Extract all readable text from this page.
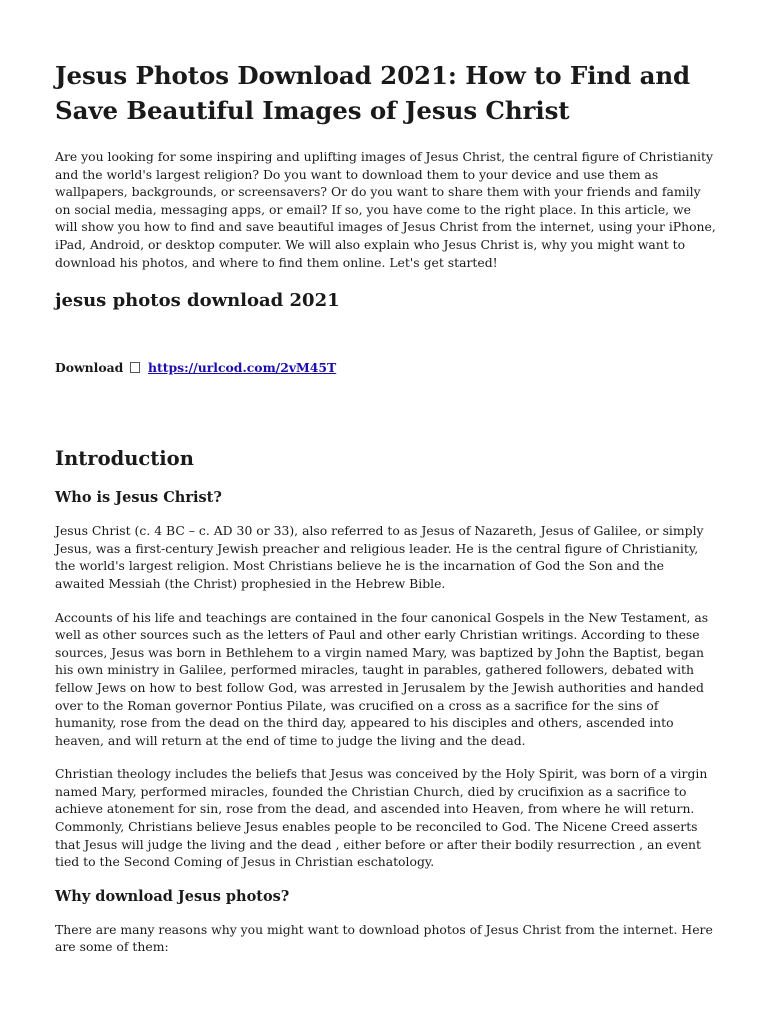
Jesus Photos Download 2021: How to Find and Save Beautiful Images of Jesus Christ

Are you looking for some inspiring and uplifting images of Jesus Christ, the central figure of Christianity and the world's largest religion? Do you want to download them to your device and use them as wallpapers, backgrounds, or screensavers? Or do you want to share them with your friends and family on social media, messaging apps, or email? If so, you have come to the right place. In this article, we will show you how to find and save beautiful images of Jesus Christ from the internet, using your iPhone, iPad, Android, or desktop computer. We will also explain who Jesus Christ is, why you might want to download his photos, and where to find them online. Let's get started!

jesus photos download 2021
Download https://urlcod.com/2vM45T
Introduction
Who is Jesus Christ?

Jesus Christ (c. 4 BC – c. AD 30 or 33), also referred to as Jesus of Nazareth, Jesus of Galilee, or simply Jesus, was a first-century Jewish preacher and religious leader. He is the central figure of Christianity, the world's largest religion. Most Christians believe he is the incarnation of God the Son and the awaited Messiah (the Christ) prophesied in the Hebrew Bible.

Accounts of his life and teachings are contained in the four canonical Gospels in the New Testament, as well as other sources such as the letters of Paul and other early Christian writings. According to these sources, Jesus was born in Bethlehem to a virgin named Mary, was baptized by John the Baptist, began his own ministry in Galilee, performed miracles, taught in parables, gathered followers, debated with fellow Jews on how to best follow God, was arrested in Jerusalem by the Jewish authorities and handed over to the Roman governor Pontius Pilate, was crucified on a cross as a sacrifice for the sins of humanity, rose from the dead on the third day, appeared to his disciples and others, ascended into heaven, and will return at the end of time to judge the living and the dead.

Christian theology includes the beliefs that Jesus was conceived by the Holy Spirit, was born of a virgin named Mary, performed miracles, founded the Christian Church, died by crucifixion as a sacrifice to achieve atonement for sin, rose from the dead, and ascended into Heaven, from where he will return. Commonly, Christians believe Jesus enables people to be reconciled to God. The Nicene Creed asserts that Jesus will judge the living and the dead , either before or after their bodily resurrection , an event tied to the Second Coming of Jesus in Christian eschatology.

Why download Jesus photos?

There are many reasons why you might want to download photos of Jesus Christ from the internet. Here are some of them:
